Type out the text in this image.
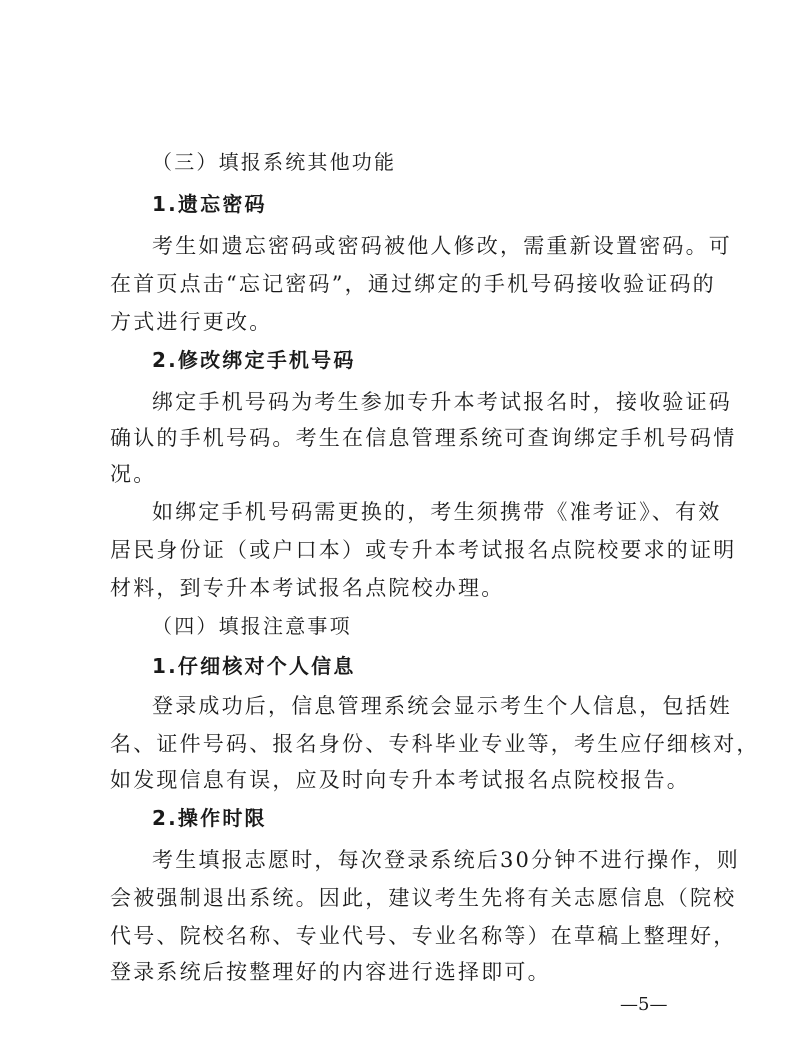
（三）填报系统其他功能
1.遗忘密码
考生如遗忘密码或密码被他人修改，需重新设置密码。可
在首页点击“忘记密码”，通过绑定的手机号码接收验证码的
方式进行更改。
2.修改绑定手机号码
绑定手机号码为考生参加专升本考试报名时，接收验证码
确认的手机号码。考生在信息管理系统可查询绑定手机号码情
况。
如绑定手机号码需更换的，考生须携带《准考证》、有效
居民身份证（或户口本）或专升本考试报名点院校要求的证明
材料，到专升本考试报名点院校办理。
（四）填报注意事项
1.仔细核对个人信息
登录成功后，信息管理系统会显示考生个人信息，包括姓
名、证件号码、报名身份、专科毕业专业等，考生应仔细核对，
如发现信息有误，应及时向专升本考试报名点院校报告。
2.操作时限
考生填报志愿时，每次登录系统后30分钟不进行操作，则
会被强制退出系统。因此，建议考生先将有关志愿信息（院校
代号、院校名称、专业代号、专业名称等）在草稿上整理好，
登录系统后按整理好的内容进行选择即可。
—5—
